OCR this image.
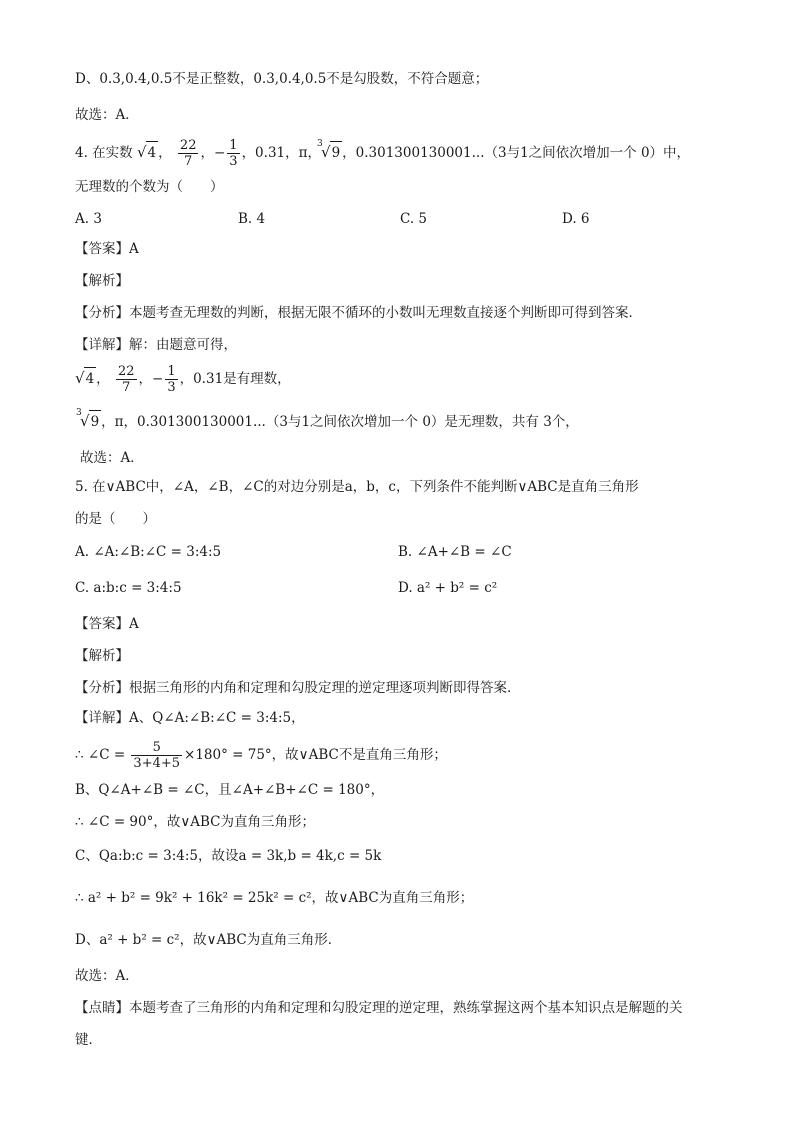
D、0.3,0.4,0.5不是正整数，0.3,0.4,0.5不是勾股数，不符合题意；
故选：A．
4. 在实数 √4 ， $\frac{22}{7}$ ，− $\frac{1}{3}$ ，0.31，π，
3
√9 ，0.301300130001...（3与1之间依次增加一个 0）中，
无理数的个数为（　　）
A. 3	B. 4	C. 5	D. 6
【答案】A
【解析】
【分析】本题考查无理数的判断，根据无限不循环的小数叫无理数直接逐个判断即可得到答案．
【详解】解：由题意可得，
√4 ， $\frac{22}{7}$ ，− $\frac{1}{3}$ ，0.31是有理数，
3
√9 ，π，0.301300130001...（3与1之间依次增加一个 0）是无理数，共有 3个，
故选：A．
5. 在∨ABC中，∠A，∠B，∠C的对边分别是a，b，c，下列条件不能判断∨ABC是直角三角形
的是（　　）
A. ∠A:∠B:∠C = 3:4:5	B. ∠A+∠B = ∠C
C. a:b:c = 3:4:5	D. a² + b² = c²
【答案】A
【解析】
【分析】根据三角形的内角和定理和勾股定理的逆定理逐项判断即得答案．
【详解】A、Q∠A:∠B:∠C = 3:4:5，
∴ ∠C = $\frac{5}{3+4+5} \times 180^\circ = 75^\circ$，故∨ABC不是直角三角形；
B、Q∠A+∠B = ∠C，且∠A+∠B+∠C = 180°，
∴ ∠C = 90°，故∨ABC为直角三角形；
C、Qa:b:c = 3:4:5，故设a = 3k,b = 4k,c = 5k
∴ a² + b² = 9k² + 16k² = 25k² = c²，故∨ABC为直角三角形；
D、a² + b² = c²，故∨ABC为直角三角形．
故选：A．
【点睛】本题考查了三角形的内角和定理和勾股定理的逆定理，熟练掌握这两个基本知识点是解题的关
键．
